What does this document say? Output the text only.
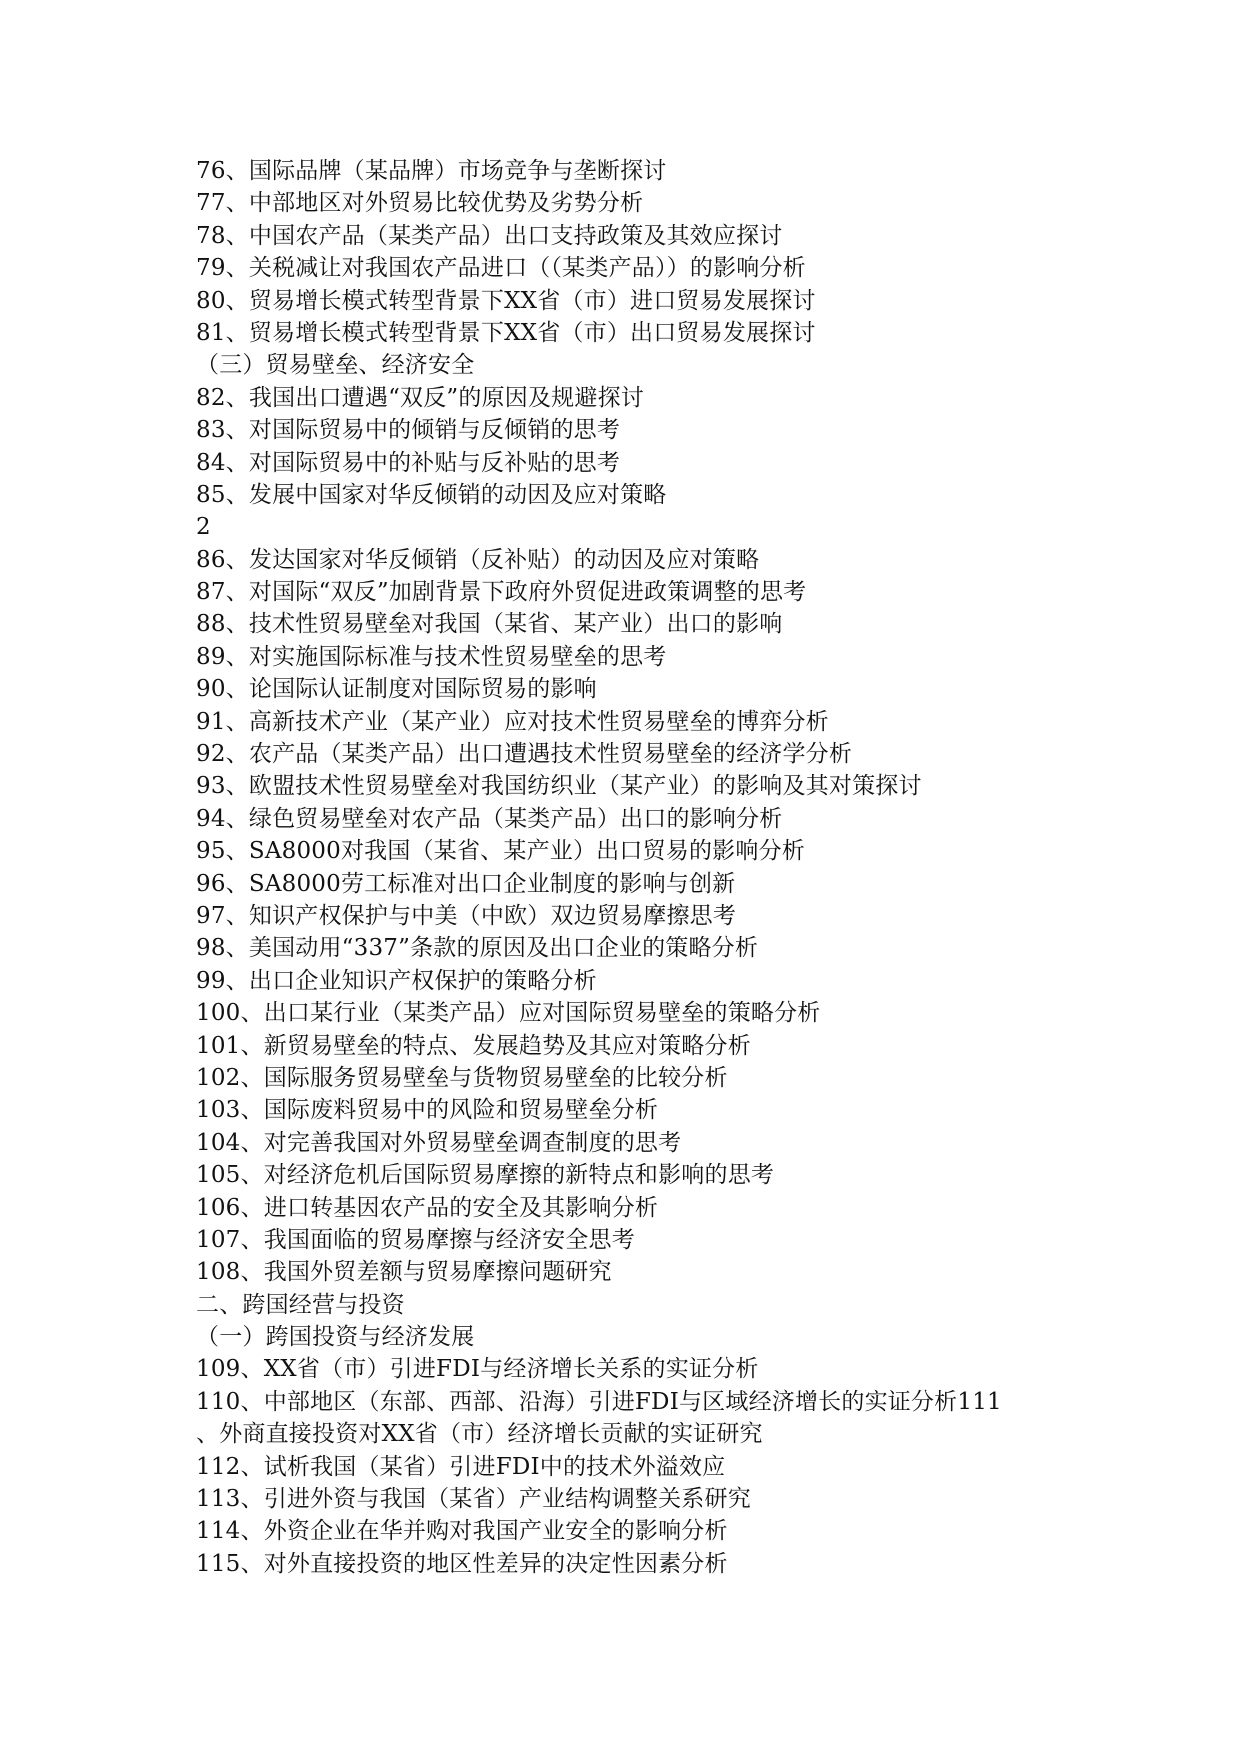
76、国际品牌（某品牌）市场竞争与垄断探讨
77、中部地区对外贸易比较优势及劣势分析
78、中国农产品（某类产品）出口支持政策及其效应探讨
79、关税减让对我国农产品进口（（某类产品））的影响分析
80、贸易增长模式转型背景下XX省（市）进口贸易发展探讨
81、贸易增长模式转型背景下XX省（市）出口贸易发展探讨
（三）贸易壁垒、经济安全
82、我国出口遭遇“双反”的原因及规避探讨
83、对国际贸易中的倾销与反倾销的思考
84、对国际贸易中的补贴与反补贴的思考
85、发展中国家对华反倾销的动因及应对策略
2
86、发达国家对华反倾销（反补贴）的动因及应对策略
87、对国际“双反”加剧背景下政府外贸促进政策调整的思考
88、技术性贸易壁垒对我国（某省、某产业）出口的影响
89、对实施国际标准与技术性贸易壁垒的思考
90、论国际认证制度对国际贸易的影响
91、高新技术产业（某产业）应对技术性贸易壁垒的博弈分析
92、农产品（某类产品）出口遭遇技术性贸易壁垒的经济学分析
93、欧盟技术性贸易壁垒对我国纺织业（某产业）的影响及其对策探讨
94、绿色贸易壁垒对农产品（某类产品）出口的影响分析
95、SA8000对我国（某省、某产业）出口贸易的影响分析
96、SA8000劳工标准对出口企业制度的影响与创新
97、知识产权保护与中美（中欧）双边贸易摩擦思考
98、美国动用“337”条款的原因及出口企业的策略分析
99、出口企业知识产权保护的策略分析
100、出口某行业（某类产品）应对国际贸易壁垒的策略分析
101、新贸易壁垒的特点、发展趋势及其应对策略分析
102、国际服务贸易壁垒与货物贸易壁垒的比较分析
103、国际废料贸易中的风险和贸易壁垒分析
104、对完善我国对外贸易壁垒调查制度的思考
105、对经济危机后国际贸易摩擦的新特点和影响的思考
106、进口转基因农产品的安全及其影响分析
107、我国面临的贸易摩擦与经济安全思考
108、我国外贸差额与贸易摩擦问题研究
二、跨国经营与投资
（一）跨国投资与经济发展
109、XX省（市）引进FDI与经济增长关系的实证分析
110、中部地区（东部、西部、沿海）引进FDI与区域经济增长的实证分析111
、外商直接投资对XX省（市）经济增长贡献的实证研究
112、试析我国（某省）引进FDI中的技术外溢效应
113、引进外资与我国（某省）产业结构调整关系研究
114、外资企业在华并购对我国产业安全的影响分析
115、对外直接投资的地区性差异的决定性因素分析
